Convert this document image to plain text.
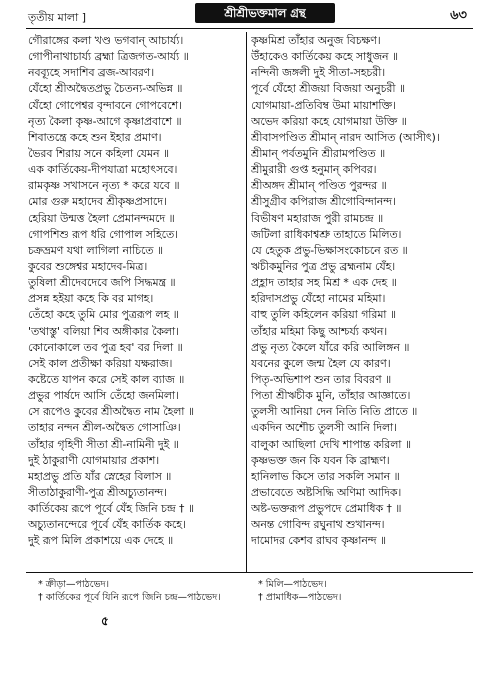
তৃতীয় মালা ]	শ্রীশ্রীভক্তমাল গ্রন্থ	৬৩
গৌরাঙ্গের কলা খণ্ড ভগবান্ আচার্য্য।
গোপীনাথাচার্য্য ব্রহ্মা ত্রিজগত-আৰ্য্য ॥
নবব্যূহে সদাশিব ব্রজ-আবরণ।
যেঁহো শ্রীঅদ্বৈতপ্রভু চৈতন্য-অভিন্ন ॥
যেঁহো গোপেশ্বর বৃন্দাবনে গোপবেশে।
নৃত্য কৈলা কৃষ্ণ-আগে কৃষ্ণাপ্রবাশে ॥
শিবাতন্ত্রে কহে শুন ইহার প্রমাণ।
ভৈরব শিরায় সনে কহিলা যেমন ॥
এক কার্তিকেয়-দীপযাত্রা মহোৎসবে।
রামকৃষ্ণ সখাসনে নৃত্য * করে যবে ॥
মোর গুরু মহাদেব শ্রীকৃষ্ণপ্রসাদে।
হেরিয়া উন্মত্ত হৈলা প্রেমানন্দমদে ॥
গোপশিশু রূপ ধরি গোপাল সহিতে।
চক্রভ্রমণ যথা লাগিলা নাচিতে ॥
কুবের শুঙ্গেশ্বর মহাদেব-মিত্র।
তুষিলা শ্রীদেবদেবে জপি সিদ্ধমন্ত্র ॥
প্রসন্ন হইয়া কহে কি বর মাগহ।
তেঁহো কহে তুমি মোর পুত্ররূপ লহ ॥
'তথাস্তু' বলিয়া শিব অঙ্গীকার কৈলা।
কোনোকালে তব পুত্র হব' বর দিলা ॥
সেই কাল প্রতীক্ষা করিয়া যক্ষরাজ।
কষ্টেতে যাপন করে সেই কাল ব্যাজ ॥
প্রভুর পার্ষদে আসি তেঁহো জনমিলা।
সে রূপেও কুবের শ্রীঅদ্বৈত নাম হৈলা ॥
তাহার নন্দন শ্রীল-অদ্বৈত গোসাঞি।
তাঁহার গৃহিণী সীতা শ্রী-নামিনী দুই ॥
দুই ঠাকুরাণী যোগমায়ার প্রকাশ।
মহাপ্রভু প্রতি যাঁর স্নেহের বিলাস ॥
সীতাঠাকুরাণী-পুত্র শ্রীঅচ্যুতানন্দ।
কার্তিকেয় রূপে পূর্বে যেঁহ জিনি চন্দ্র † ॥
অচ্যুতানন্দেরে পূর্বে যেঁহ কার্তিক কহে।
দুই রূপ মিলি প্রকাশয়ে এক দেহে ॥
কৃষ্ণমিশ্র তাঁহার অনুজ বিচক্ষণ।
উঁহাকেও কার্তিকেয় কহে সাধুজন ॥
নন্দিনী জঙ্গলী দুই সীতা-সহচরী।
পূর্বে যেঁহো শ্রীজয়া বিজয়া অনুচরী ॥
যোগমায়া-প্রতিবিম্ব উমা মায়াশক্তি।
অভেদ করিয়া কহে যোগমায়া উক্তি ॥
শ্রীবাসপণ্ডিত শ্রীমান্ নারদ আসিত (আসীৎ)।
শ্রীমান্ পর্বতমুনি শ্রীরামপণ্ডিত ॥
শ্রীমুরারী গুপ্ত হনুমান্ কপিবর।
শ্রীঅঙ্গদ শ্রীমান্ পণ্ডিত পুরন্দর ॥
শ্রীসুগ্রীব কপিরাজ শ্রীগোবিন্দানন্দ।
বিভীষণ মহারাজ পুরী রামচন্দ্র ॥
জটিলা রাধিকাশ্বশ্রু তাহাতে মিলিত।
যে হেতুক প্রভু-ভিক্ষাসংকোচনে রত ॥
ঋচীকমুনির পুত্র প্রভু ব্রহ্মনাম যেঁহ।
প্রহ্লাদ তাহার সহ মিশ্র * এক দেহ ॥
হরিদাসপ্রভু যেঁহো নামের মহিমা।
বাহু তুলি কহিলেন করিয়া গরিমা ॥
তাঁহার মহিমা কিছু আশ্চর্য্য কথন।
প্রভু নৃত্য কৈলে যাঁরে করি আলিঙ্গন ॥
যবনের কুলে জন্ম হৈল যে কারণ।
পিতৃ-অভিশাপ শুন তার বিবরণ ॥
পিতা শ্রীঋচীক মুনি, তাঁহার আজ্ঞাতে।
তুলসী আনিয়া দেন নিতি নিতি প্রাতে ॥
একদিন অশৌচ তুলসী আনি দিলা।
বালুকা আছিলা দেখি শাপান্ত করিলা ॥
কৃষ্ণভক্ত জন কি যবন কি ব্রাহ্মণ।
হানিলাভ কিসে তার সকলি সমান ॥
প্রভাবেতে অষ্টসিদ্ধি অণিমা আদিক।
অষ্ট-ভক্তরূপ প্রভুপদে প্রেমাধিক † ॥
অনন্ত গোবিন্দ রঘুনাথ শুখানন্দ।
দামোদর কেশব রাঘব কৃষ্ণানন্দ ॥
* ক্রীড়া—পাঠভেদ।
† কার্তিকের পূর্বে যিনি রূপে জিনি চন্দ্র—পাঠভেদ।
* মিলি—পাঠভেদ।
† প্রামাধিক—পাঠভেদ।
৫
